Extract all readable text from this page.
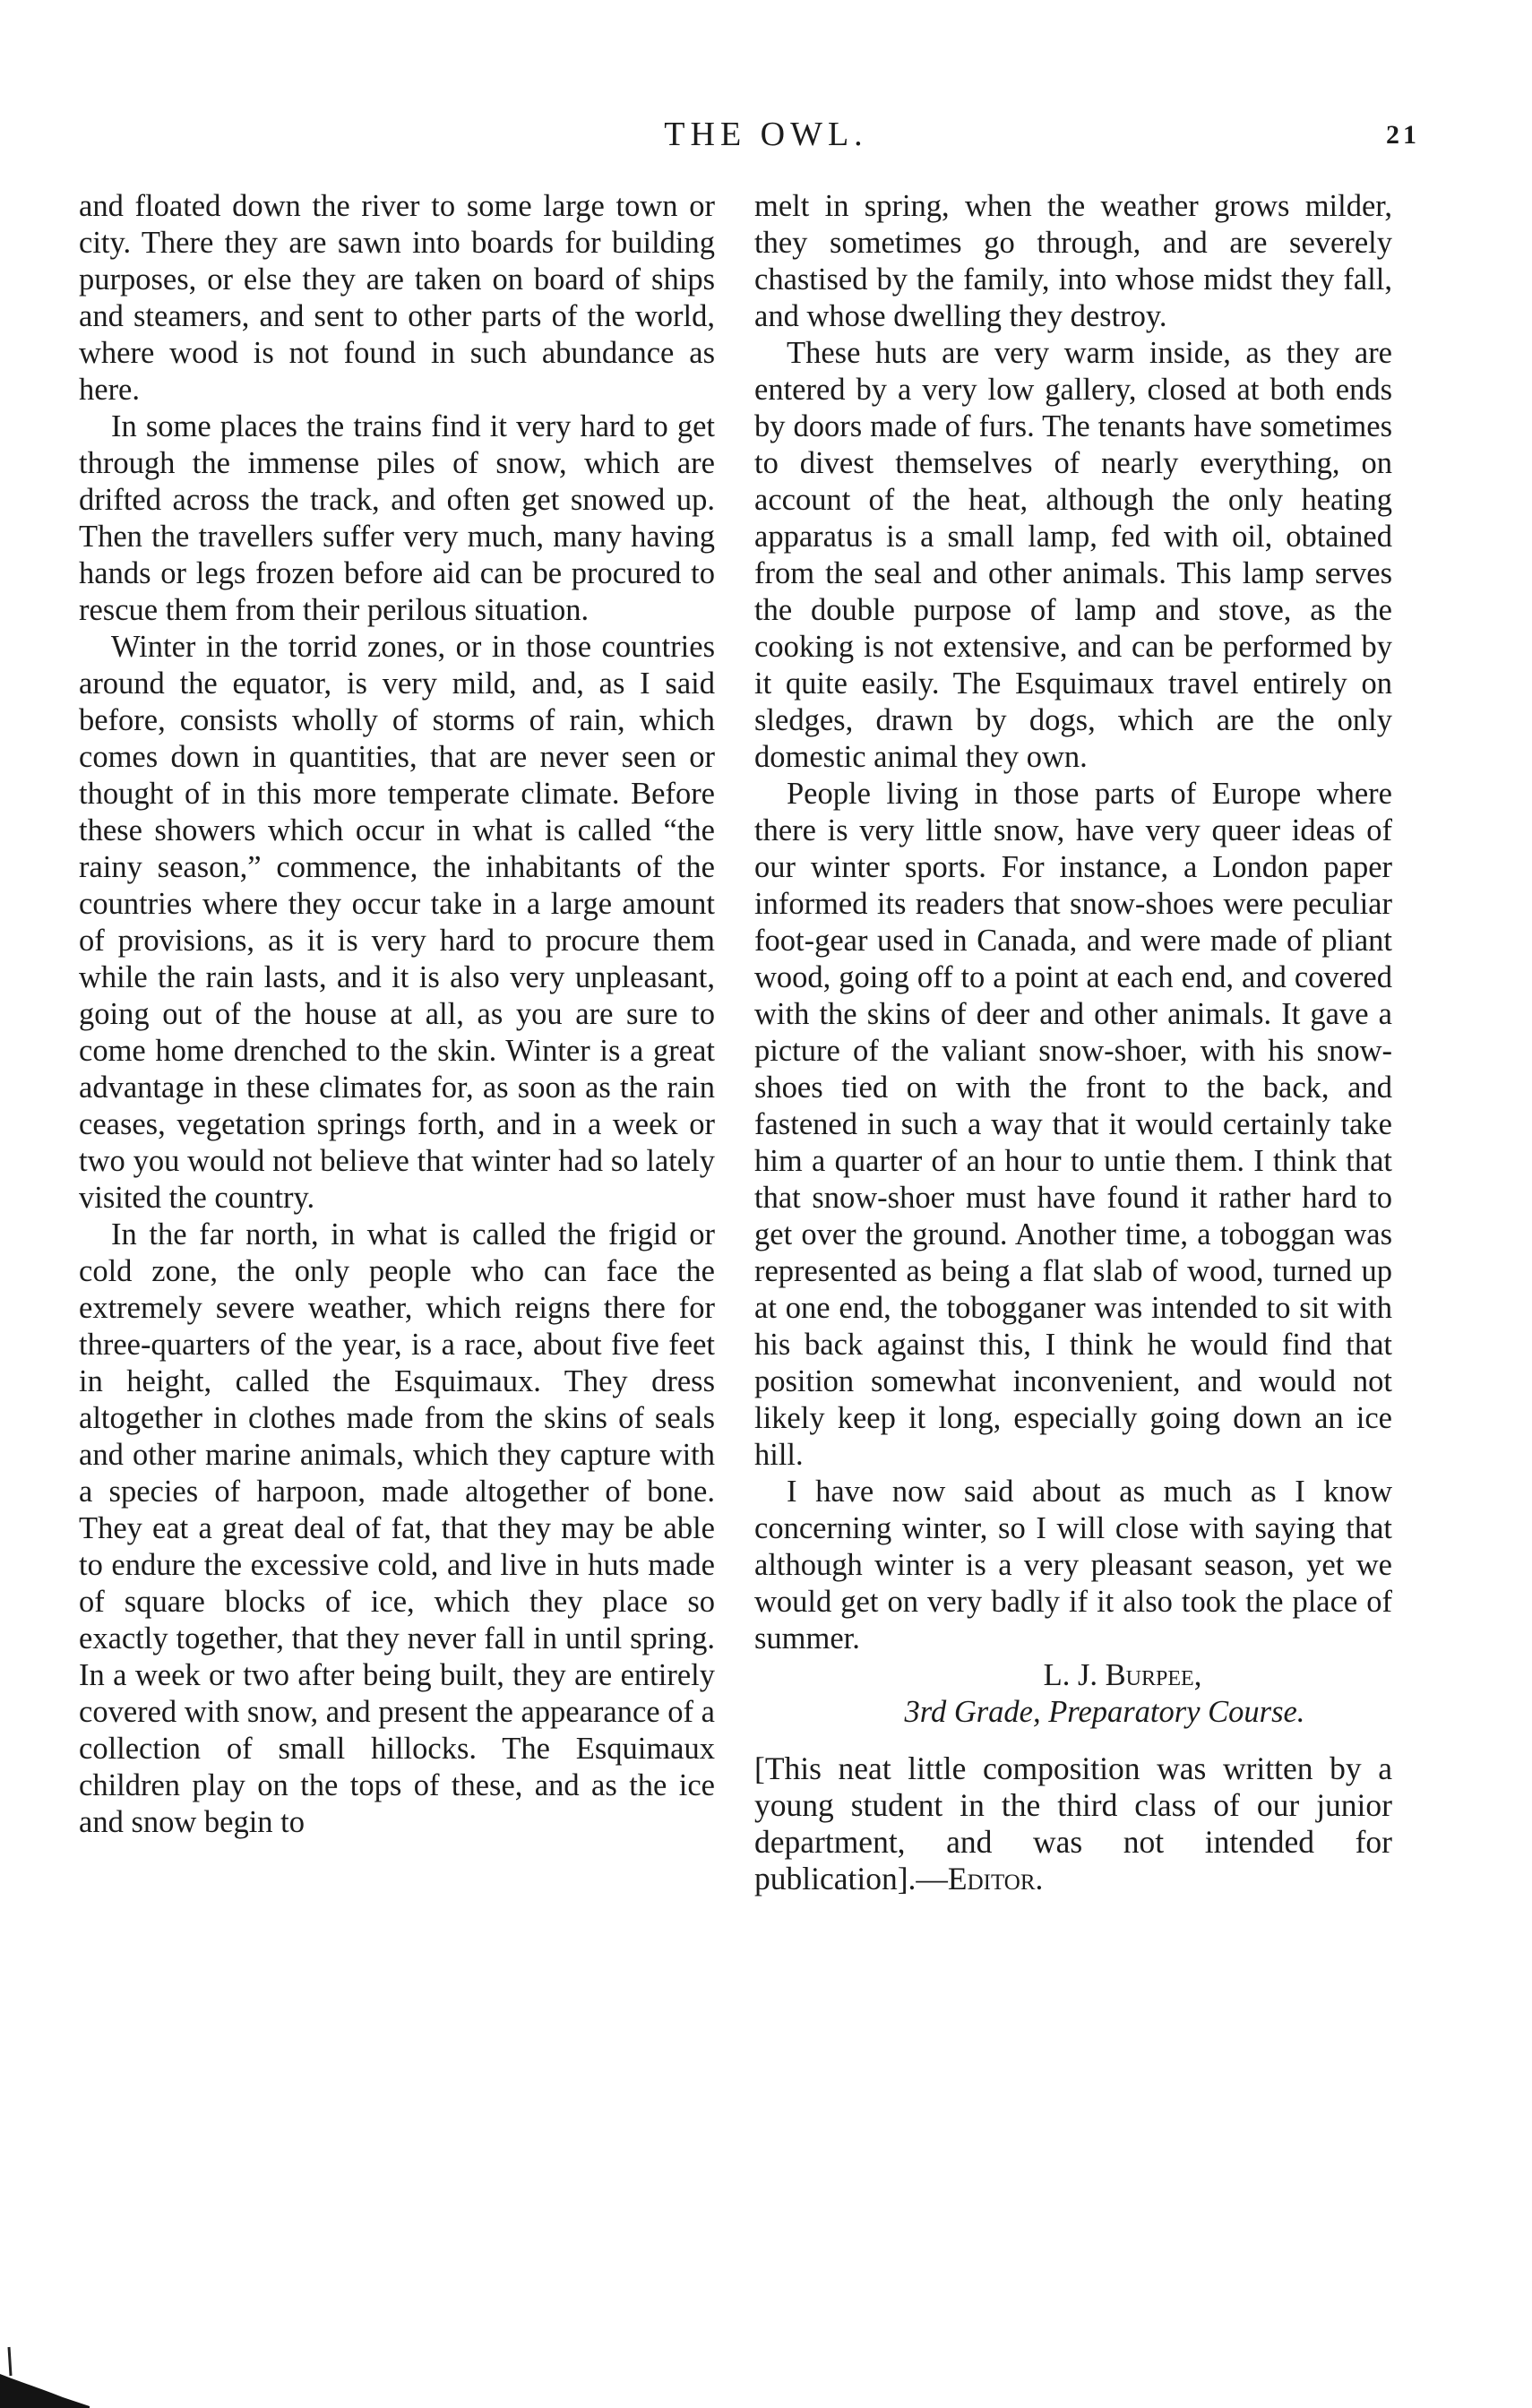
THE OWL.	21

and floated down the river to some large town or city. There they are sawn into boards for building purposes, or else they are taken on board of ships and steamers, and sent to other parts of the world, where wood is not found in such abundance as here.

In some places the trains find it very hard to get through the immense piles of snow, which are drifted across the track, and often get snowed up. Then the travellers suffer very much, many having hands or legs frozen before aid can be procured to rescue them from their perilous situation.

Winter in the torrid zones, or in those countries around the equator, is very mild, and, as I said before, consists wholly of storms of rain, which comes down in quantities, that are never seen or thought of in this more temperate climate. Before these showers which occur in what is called “the rainy season,” commence, the inhabitants of the countries where they occur take in a large amount of provisions, as it is very hard to procure them while the rain lasts, and it is also very unpleasant, going out of the house at all, as you are sure to come home drenched to the skin. Winter is a great advantage in these climates for, as soon as the rain ceases, vegetation springs forth, and in a week or two you would not believe that winter had so lately visited the country.

In the far north, in what is called the frigid or cold zone, the only people who can face the extremely severe weather, which reigns there for three-quarters of the year, is a race, about five feet in height, called the Esquimaux. They dress altogether in clothes made from the skins of seals and other marine animals, which they capture with a species of harpoon, made altogether of bone. They eat a great deal of fat, that they may be able to endure the excessive cold, and live in huts made of square blocks of ice, which they place so exactly together, that they never fall in until spring. In a week or two after being built, they are entirely covered with snow, and present the appearance of a collection of small hillocks. The Esquimaux children play on the tops of these, and as the ice and snow begin to

melt in spring, when the weather grows milder, they sometimes go through, and are severely chastised by the family, into whose midst they fall, and whose dwelling they destroy.

These huts are very warm inside, as they are entered by a very low gallery, closed at both ends by doors made of furs. The tenants have sometimes to divest themselves of nearly everything, on account of the heat, although the only heating apparatus is a small lamp, fed with oil, obtained from the seal and other animals. This lamp serves the double purpose of lamp and stove, as the cooking is not extensive, and can be performed by it quite easily. The Esquimaux travel entirely on sledges, drawn by dogs, which are the only domestic animal they own.

People living in those parts of Europe where there is very little snow, have very queer ideas of our winter sports. For instance, a London paper informed its readers that snow-shoes were peculiar foot-gear used in Canada, and were made of pliant wood, going off to a point at each end, and covered with the skins of deer and other animals. It gave a picture of the valiant snow-shoer, with his snow-shoes tied on with the front to the back, and fastened in such a way that it would certainly take him a quarter of an hour to untie them. I think that that snow-shoer must have found it rather hard to get over the ground. Another time, a toboggan was represented as being a flat slab of wood, turned up at one end, the tobogganer was intended to sit with his back against this, I think he would find that position somewhat inconvenient, and would not likely keep it long, especially going down an ice hill.

I have now said about as much as I know concerning winter, so I will close with saying that although winter is a very pleasant season, yet we would get on very badly if it also took the place of summer.

L. J. Burpee,

3rd Grade, Preparatory Course.

[This neat little composition was written by a young student in the third class of our junior department, and was not intended for publication].—Editor.
